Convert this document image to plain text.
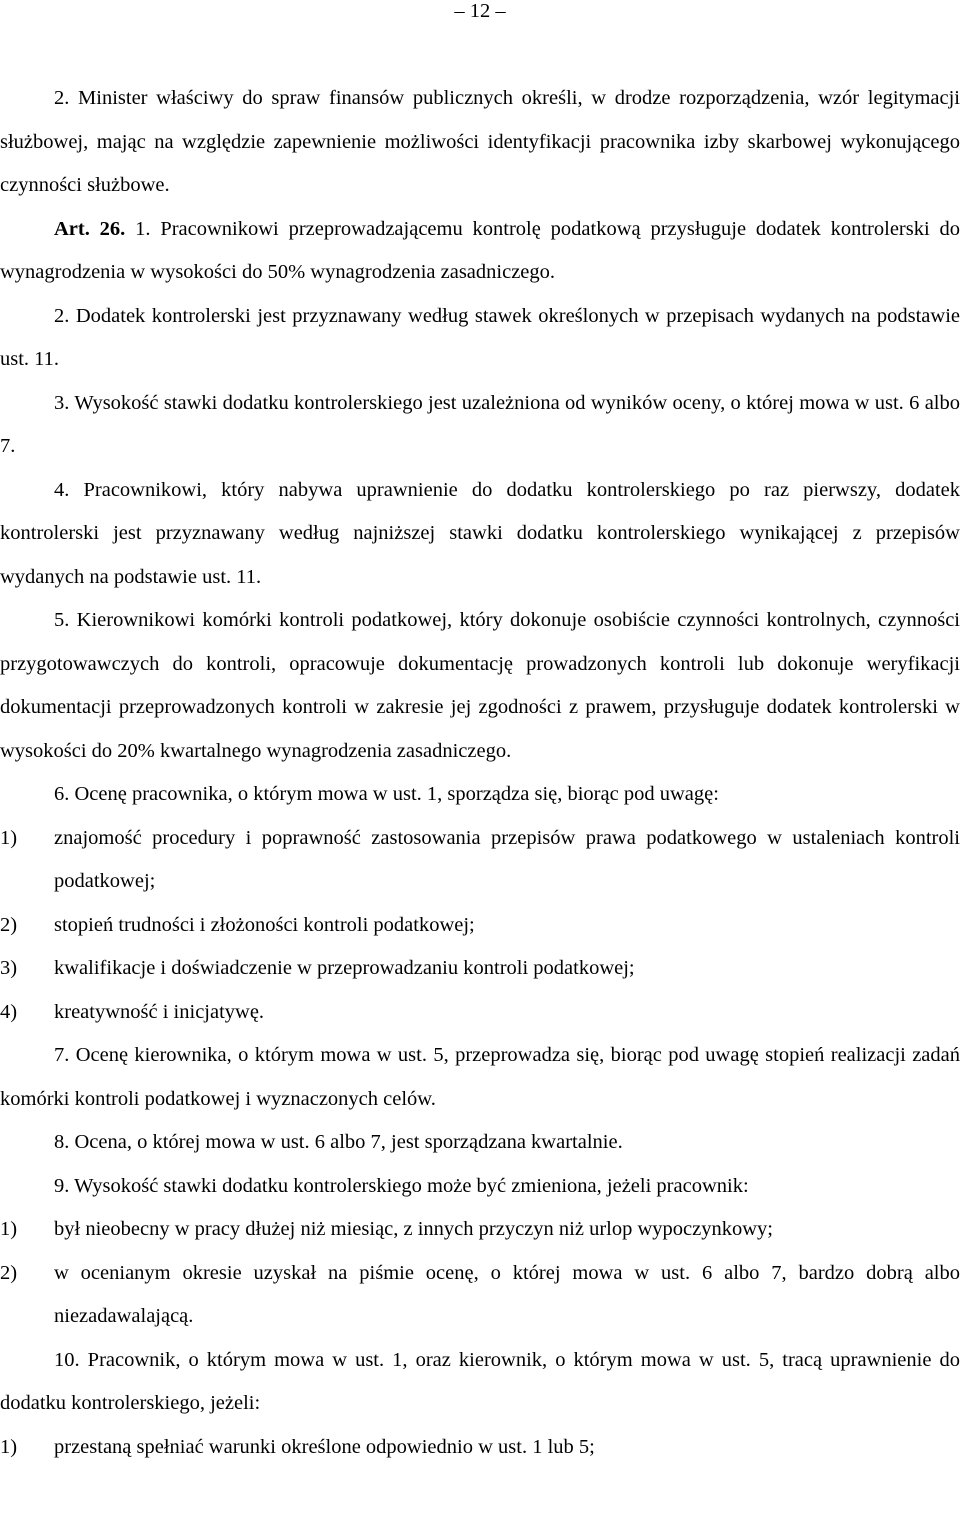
– 12 –

2. Minister właściwy do spraw finansów publicznych określi, w drodze rozporządzenia, wzór legitymacji służbowej, mając na względzie zapewnienie możliwości identyfikacji pracownika izby skarbowej wykonującego czynności służbowe.

Art. 26. 1. Pracownikowi przeprowadzającemu kontrolę podatkową przysługuje dodatek kontrolerski do wynagrodzenia w wysokości do 50% wynagrodzenia zasadniczego.

2. Dodatek kontrolerski jest przyznawany według stawek określonych w przepisach wydanych na podstawie ust. 11.

3. Wysokość stawki dodatku kontrolerskiego jest uzależniona od wyników oceny, o której mowa w ust. 6 albo 7.

4. Pracownikowi, który nabywa uprawnienie do dodatku kontrolerskiego po raz pierwszy, dodatek kontrolerski jest przyznawany według najniższej stawki dodatku kontrolerskiego wynikającej z przepisów wydanych na podstawie ust. 11.

5. Kierownikowi komórki kontroli podatkowej, który dokonuje osobiście czynności kontrolnych, czynności przygotowawczych do kontroli, opracowuje dokumentację prowadzonych kontroli lub dokonuje weryfikacji dokumentacji przeprowadzonych kontroli w zakresie jej zgodności z prawem, przysługuje dodatek kontrolerski w wysokości do 20% kwartalnego wynagrodzenia zasadniczego.

6. Ocenę pracownika, o którym mowa w ust. 1, sporządza się, biorąc pod uwagę:

1) znajomość procedury i poprawność zastosowania przepisów prawa podatkowego w ustaleniach kontroli podatkowej;
2) stopień trudności i złożoności kontroli podatkowej;
3) kwalifikacje i doświadczenie w przeprowadzaniu kontroli podatkowej;
4) kreatywność i inicjatywę.

7. Ocenę kierownika, o którym mowa w ust. 5, przeprowadza się, biorąc pod uwagę stopień realizacji zadań komórki kontroli podatkowej i wyznaczonych celów.

8. Ocena, o której mowa w ust. 6 albo 7, jest sporządzana kwartalnie.

9. Wysokość stawki dodatku kontrolerskiego może być zmieniona, jeżeli pracownik:

1) był nieobecny w pracy dłużej niż miesiąc, z innych przyczyn niż urlop wypoczynkowy;
2) w ocenianym okresie uzyskał na piśmie ocenę, o której mowa w ust. 6 albo 7, bardzo dobrą albo niezadawalającą.

10. Pracownik, o którym mowa w ust. 1, oraz kierownik, o którym mowa w ust. 5, tracą uprawnienie do dodatku kontrolerskiego, jeżeli:

1) przestaną spełniać warunki określone odpowiednio w ust. 1 lub 5;
